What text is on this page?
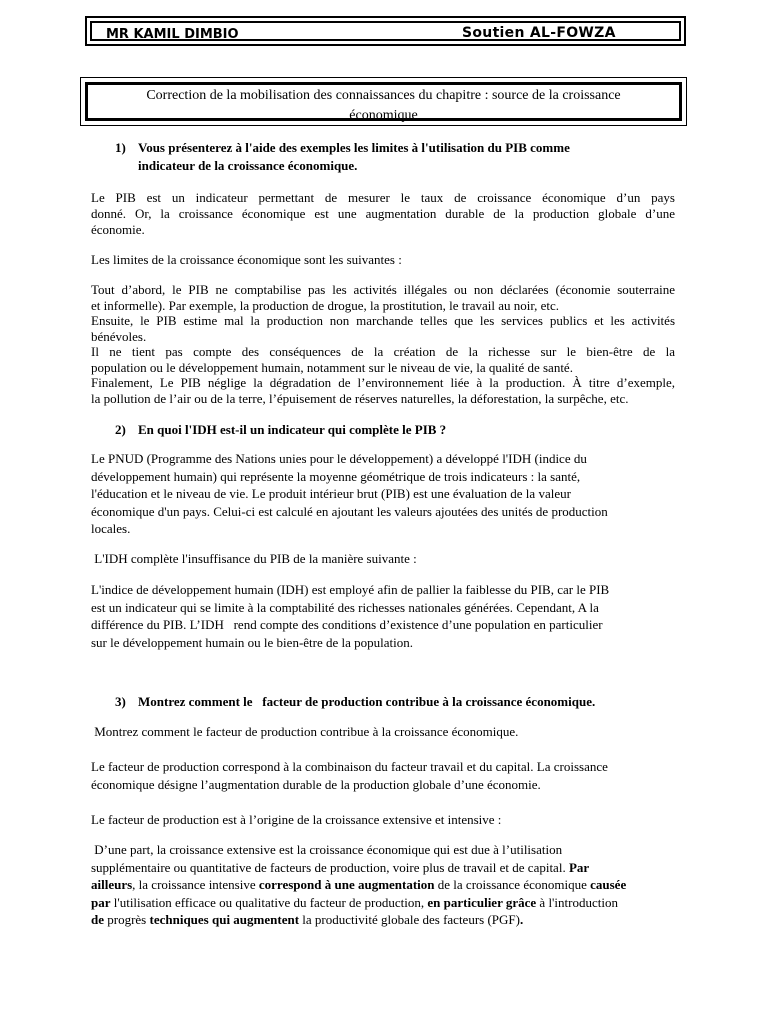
MR KAMIL DIMBIO	Soutien AL-FOWZA
Correction de la mobilisation des connaissances du chapitre : source de la croissance
économique
1) Vous présenterez à l'aide des exemples les limites à l'utilisation du PIB comme
indicateur de la croissance économique.
Le PIB est un indicateur permettant de mesurer le taux de croissance économique d’un pays
donné. Or, la croissance économique est une augmentation durable de la production globale d’une
économie.
Les limites de la croissance économique sont les suivantes :
Tout d’abord, le PIB ne comptabilise pas les activités illégales ou non déclarées (économie souterraine
et informelle). Par exemple, la production de drogue, la prostitution, le travail au noir, etc.
Ensuite, le PIB estime mal la production non marchande telles que les services publics et les activités
bénévoles.
Il ne tient pas compte des conséquences de la création de la richesse sur le bien-être de la
population ou le développement humain, notamment sur le niveau de vie, la qualité de santé.
Finalement, Le PIB néglige la dégradation de l’environnement liée à la production. À titre d’exemple,
la pollution de l’air ou de la terre, l’épuisement de réserves naturelles, la déforestation, la surpêche, etc.
2) En quoi l'IDH est-il un indicateur qui complète le PIB ?
Le PNUD (Programme des Nations unies pour le développement) a développé l'IDH (indice du
développement humain) qui représente la moyenne géométrique de trois indicateurs : la santé,
l'éducation et le niveau de vie. Le produit intérieur brut (PIB) est une évaluation de la valeur
économique d'un pays. Celui-ci est calculé en ajoutant les valeurs ajoutées des unités de production
locales.
L'IDH complète l'insuffisance du PIB de la manière suivante :
L'indice de développement humain (IDH) est employé afin de pallier la faiblesse du PIB, car le PIB
est un indicateur qui se limite à la comptabilité des richesses nationales générées. Cependant, A la
différence du PIB. L’IDH   rend compte des conditions d’existence d’une population en particulier
sur le développement humain ou le bien-être de la population.
3) Montrez comment le   facteur de production contribue à la croissance économique.
Montrez comment le facteur de production contribue à la croissance économique.
Le facteur de production correspond à la combinaison du facteur travail et du capital. La croissance
économique désigne l’augmentation durable de la production globale d’une économie.
Le facteur de production est à l’origine de la croissance extensive et intensive :
D’une part, la croissance extensive est la croissance économique qui est due à l’utilisation
supplémentaire ou quantitative de facteurs de production, voire plus de travail et de capital. Par
ailleurs, la croissance intensive correspond à une augmentation de la croissance économique causée
par l'utilisation efficace ou qualitative du facteur de production, en particulier grâce à l'introduction
de progrès techniques qui augmentent la productivité globale des facteurs (PGF).
